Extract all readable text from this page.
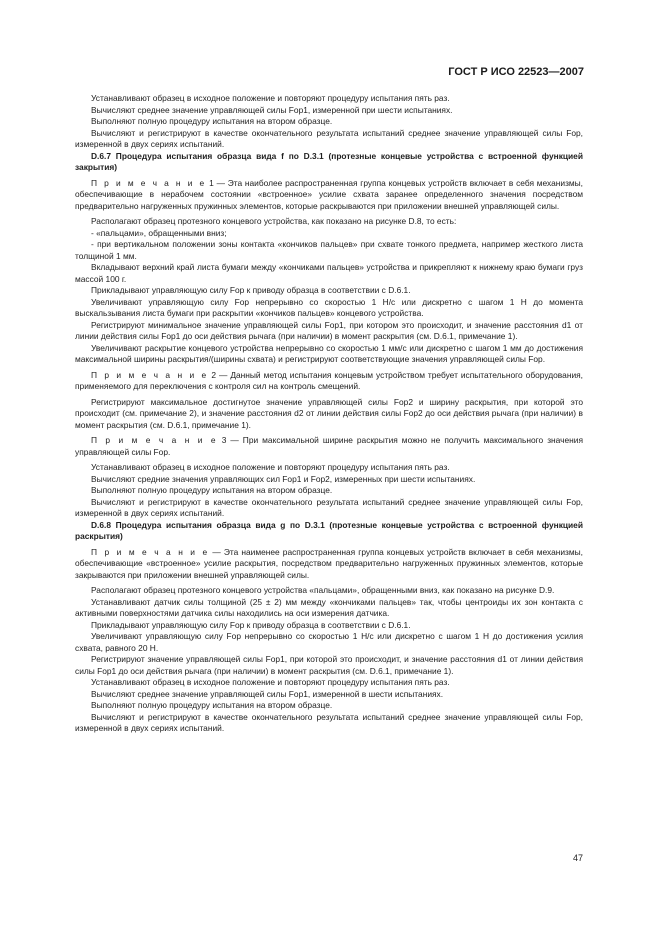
ГОСТ Р ИСО 22523—2007

Устанавливают образец в исходное положение и повторяют процедуру испытания пять раз.

Вычисляют среднее значение управляющей силы Fop1, измеренной при шести испытаниях.

Выполняют полную процедуру испытания на втором образце.

Вычисляют и регистрируют в качестве окончательного результата испытаний среднее значение управляющей силы Fop, измеренной в двух сериях испытаний.

D.6.7 Процедура испытания образца вида f по D.3.1 (протезные концевые устройства с встроенной функцией закрытия)

П р и м е ч а н и е 1 — Эта наиболее распространенная группа концевых устройств включает в себя механизмы, обеспечивающие в нерабочем состоянии «встроенное» усилие схвата заранее определенного значения посредством предварительно нагруженных пружинных элементов, которые раскрываются при приложении внешней управляющей силы.

Располагают образец протезного концевого устройства, как показано на рисунке D.8, то есть:

- «пальцами», обращенными вниз;

- при вертикальном положении зоны контакта «кончиков пальцев» при схвате тонкого предмета, например жесткого листа толщиной 1 мм.

Вкладывают верхний край листа бумаги между «кончиками пальцев» устройства и прикрепляют к нижнему краю бумаги груз массой 100 г.

Прикладывают управляющую силу Fop к приводу образца в соответствии с D.6.1.

Увеличивают управляющую силу Fop непрерывно со скоростью 1 Н/с или дискретно с шагом 1 Н до момента выскальзывания листа бумаги при раскрытии «кончиков пальцев» концевого устройства.

Регистрируют минимальное значение управляющей силы Fop1, при котором это происходит, и значение расстояния d1 от линии действия силы Fop1 до оси действия рычага (при наличии) в момент раскрытия (см. D.6.1, примечание 1).

Увеличивают раскрытие концевого устройства непрерывно со скоростью 1 мм/с или дискретно с шагом 1 мм до достижения максимальной ширины раскрытия/(ширины схвата) и регистрируют соответствующие значения управляющей силы Fop.

П р и м е ч а н и е 2 — Данный метод испытания концевым устройством требует испытательного оборудования, применяемого для переключения с контроля сил на контроль смещений.

Регистрируют максимальное достигнутое значение управляющей силы Fop2 и ширину раскрытия, при которой это происходит (см. примечание 2), и значение расстояния d2 от линии действия силы Fop2 до оси действия рычага (при наличии) в момент раскрытия (см. D.6.1, примечание 1).

П р и м е ч а н и е 3 — При максимальной ширине раскрытия можно не получить максимального значения управляющей силы Fop.

Устанавливают образец в исходное положение и повторяют процедуру испытания пять раз.

Вычисляют средние значения управляющих сил Fop1 и Fop2, измеренных при шести испытаниях.

Выполняют полную процедуру испытания на втором образце.

Вычисляют и регистрируют в качестве окончательного результата испытаний среднее значение управляющей силы Fop, измеренной в двух сериях испытаний.

D.6.8 Процедура испытания образца вида g по D.3.1 (протезные концевые устройства с встроенной функцией раскрытия)

П р и м е ч а н и е — Эта наименее распространенная группа концевых устройств включает в себя механизмы, обеспечивающие «встроенное» усилие раскрытия, посредством предварительно нагруженных пружинных элементов, которые закрываются при приложении внешней управляющей силы.

Располагают образец протезного концевого устройства «пальцами», обращенными вниз, как показано на рисунке D.9.

Устанавливают датчик силы толщиной (25 ± 2) мм между «кончиками пальцев» так, чтобы центроиды их зон контакта с активными поверхностями датчика силы находились на оси измерения датчика.

Прикладывают управляющую силу Fop к приводу образца в соответствии с D.6.1.

Увеличивают управляющую силу Fop непрерывно со скоростью 1 Н/с или дискретно с шагом 1 Н до достижения усилия схвата, равного 20 Н.

Регистрируют значение управляющей силы Fop1, при которой это происходит, и значение расстояния d1 от линии действия силы Fop1 до оси действия рычага (при наличии) в момент раскрытия (см. D.6.1, примечание 1).

Устанавливают образец в исходное положение и повторяют процедуру испытания пять раз.

Вычисляют среднее значение управляющей силы Fop1, измеренной в шести испытаниях.

Выполняют полную процедуру испытания на втором образце.

Вычисляют и регистрируют в качестве окончательного результата испытаний среднее значение управляющей силы Fop, измеренной в двух сериях испытаний.

47
